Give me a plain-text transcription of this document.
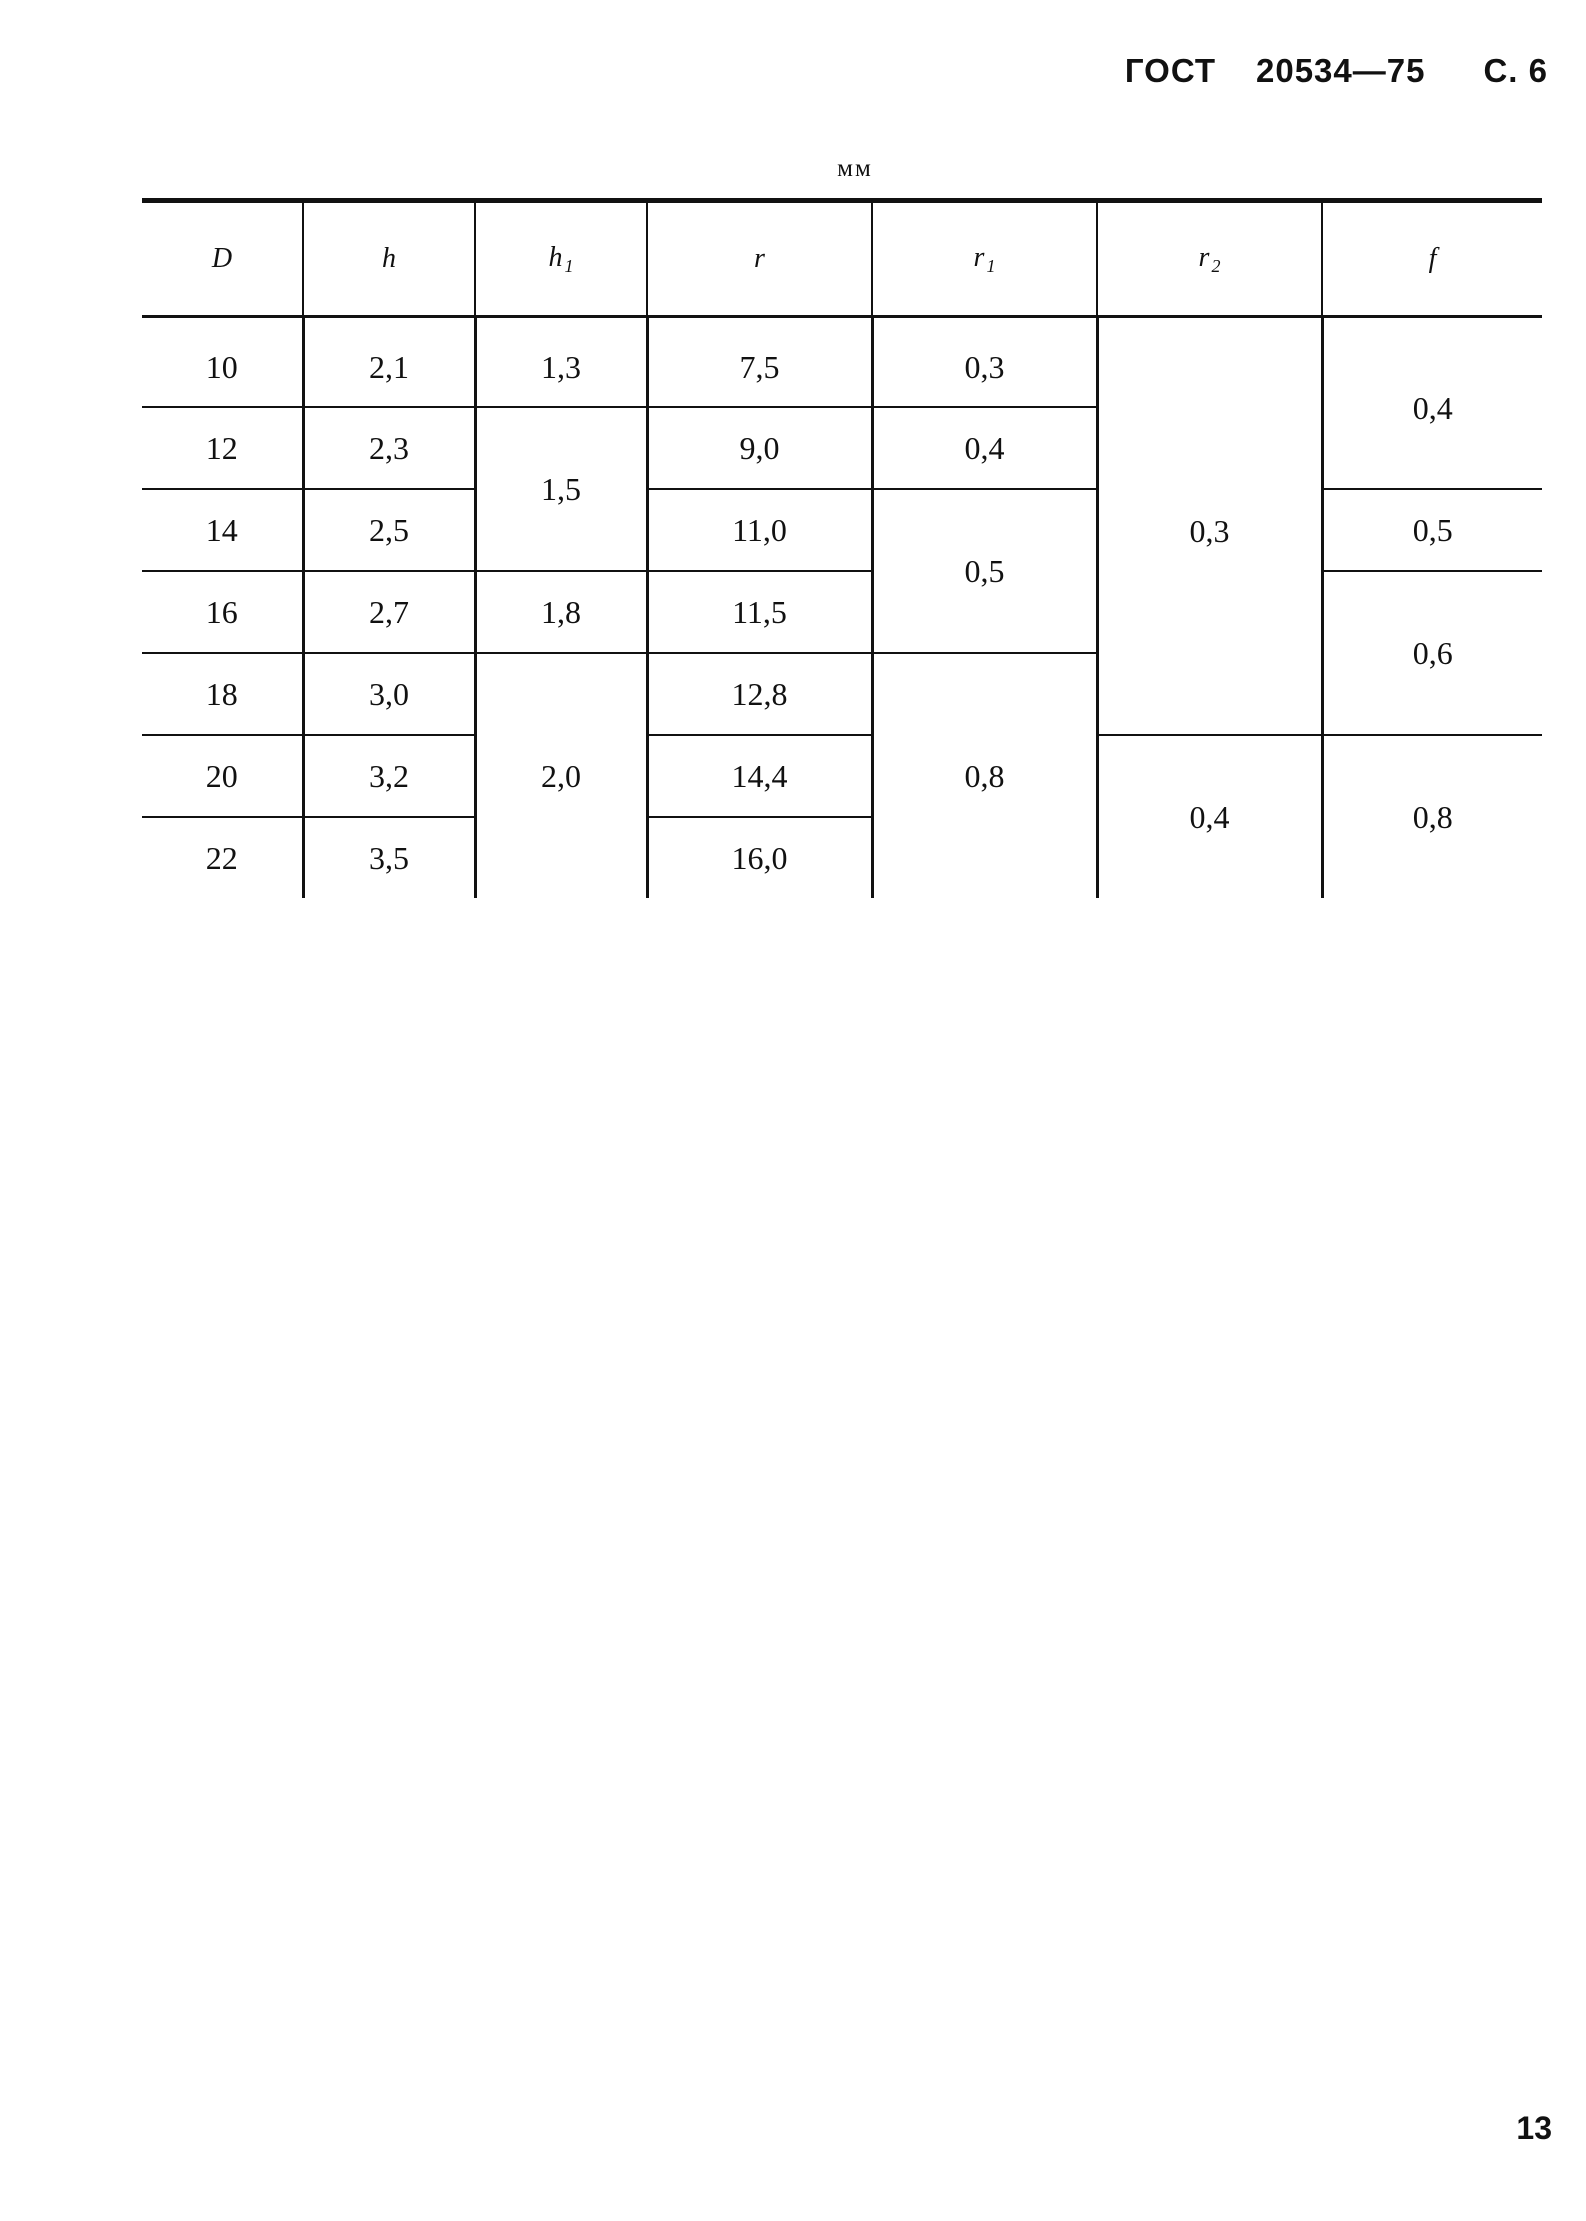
ГОСТ 20534—75 С. 6
мм
D	h	h $_1$	r	r $_1$	r $_2$	f
10	2,1	1,3	7,5	0,3	0,3	0,4
12	2,3	1,5	9,0	0,4		
14	2,5		11,0	0,5		0,5
16	2,7	1,8	11,5			0,6
18	3,0	2,0	12,8	0,8		
20	3,2		14,4		0,4	0,8
22	3,5		16,0			
13
